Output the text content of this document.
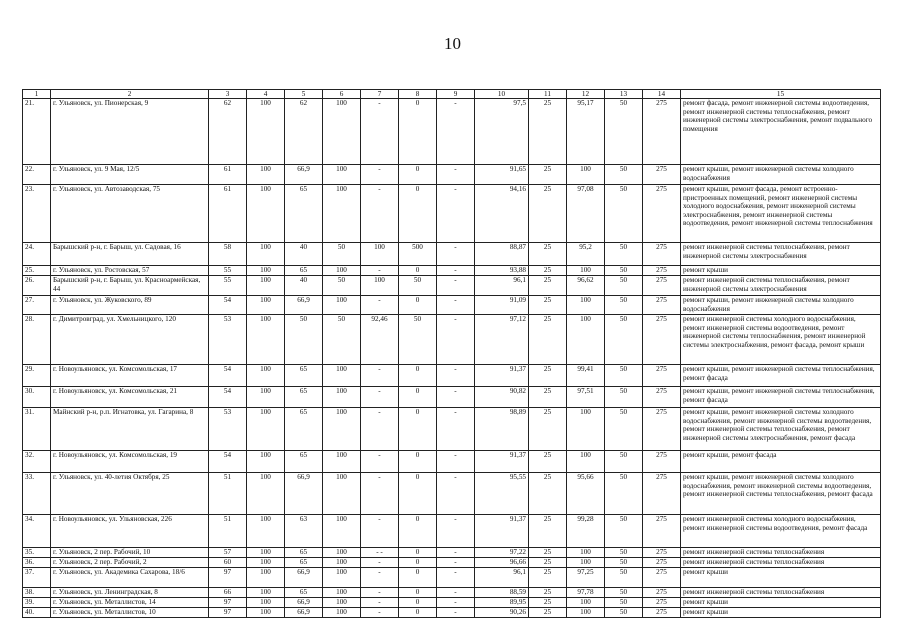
10
1	2	3	4	5	6	7	8	9	10	11	12	13	14	15
21.	г. Ульяновск, ул. Пионерская, 9	62	100	62	100	-	0	-	97,5	25	95,17	50	275	ремонт фасада, ремонт инженерной системы водоотведения, ремонт инженерной системы теплоснабжения, ремонт инженерной системы электроснабжения, ремонт подвального помещения
22.	г. Ульяновск, ул. 9 Мая, 12/5	61	100	66,9	100	-	0	-	91,65	25	100	50	275	ремонт крыши, ремонт инженерной системы холодного водоснабжения
23.	г. Ульяновск, ул. Автозаводская, 75	61	100	65	100	-	0	-	94,16	25	97,08	50	275	ремонт крыши, ремонт фасада, ремонт встроенно-пристроенных помещений, ремонт инженерной системы холодного водоснабжения, ремонт инженерной системы электроснабжения, ремонт инженерной системы водоотведения, ремонт инженерной системы теплоснабжения
24.	Барышский р-н, г. Барыш, ул. Садовая, 16	58	100	40	50	100	500	-	88,87	25	95,2	50	275	ремонт инженерной системы теплоснабжения, ремонт инженерной системы электроснабжения
25.	г. Ульяновск, ул. Ростовская, 57	55	100	65	100	-	0	-	93,88	25	100	50	275	ремонт крыши
26.	Барышский р-н, г. Барыш, ул. Красноармейская, 44	55	100	40	50	100	50	-	96,1	25	96,62	50	275	ремонт инженерной системы теплоснабжения, ремонт инженерной системы электроснабжения
27.	г. Ульяновск, ул. Жуковского, 89	54	100	66,9	100	-	0	-	91,09	25	100	50	275	ремонт крыши, ремонт инженерной системы холодного водоснабжения
28.	г. Димитровград, ул. Хмельницкого, 120	53	100	50	50	92,46	50	-	97,12	25	100	50	275	ремонт инженерной системы холодного водоснабжения, ремонт инженерной системы водоотведения, ремонт инженерной системы теплоснабжения, ремонт инженерной системы электроснабжения, ремонт фасада, ремонт крыши
29.	г. Новоульяновск, ул. Комсомольская, 17	54	100	65	100	-	0	-	91,37	25	99,41	50	275	ремонт крыши, ремонт инженерной системы теплоснабжения, ремонт фасада
30.	г. Новоульяновск, ул. Комсомольская, 21	54	100	65	100	-	0	-	90,82	25	97,51	50	275	ремонт крыши, ремонт инженерной системы теплоснабжения, ремонт фасада
31.	Майнский р-н, р.п. Игнатовка, ул. Гагарина, 8	53	100	65	100	-	0	-	98,89	25	100	50	275	ремонт крыши, ремонт инженерной системы холодного водоснабжения, ремонт инженерной системы водоотведения, ремонт инженерной системы теплоснабжения, ремонт инженерной системы электроснабжения, ремонт фасада
32.	г. Новоульяновск, ул. Комсомольская, 19	54	100	65	100	-	0	-	91,37	25	100	50	275	ремонт крыши, ремонт фасада
33.	г. Ульяновск, ул. 40-летия Октября, 25	51	100	66,9	100	-	0	-	95,55	25	95,66	50	275	ремонт крыши, ремонт инженерной системы холодного водоснабжения, ремонт инженерной системы водоотведения, ремонт инженерной системы теплоснабжения, ремонт фасада
34.	г. Новоульяновск, ул. Ульяновская, 226	51	100	63	100	-	0	-	91,37	25	99,28	50	275	ремонт инженерной системы холодного водоснабжения, ремонт инженерной системы водоотведения, ремонт фасада
35.	г. Ульяновск, 2 пер. Рабочий, 10	57	100	65	100	- -	0	-	97,22	25	100	50	275	ремонт инженерной системы теплоснабжения
36.	г. Ульяновск, 2 пер. Рабочий, 2	60	100	65	100	-	0	-	96,66	25	100	50	275	ремонт инженерной системы теплоснабжения
37.	г. Ульяновск, ул. Академика Сахарова, 18/6	97	100	66,9	100	-	0	-	96,1	25	97,25	50	275	ремонт крыши
38.	г. Ульяновск, ул. Ленинградская, 8	66	100	65	100	-	0	-	88,59	25	97,78	50	275	ремонт инженерной системы теплоснабжения
39.	г. Ульяновск, ул. Металлистов, 14	97	100	66,9	100	-	0	-	89,95	25	100	50	275	ремонт крыши
40.	г. Ульяновск, ул. Металлистов, 10	97	100	66,9	100	-	0	-	90,26	25	100	50	275	ремонт крыши
